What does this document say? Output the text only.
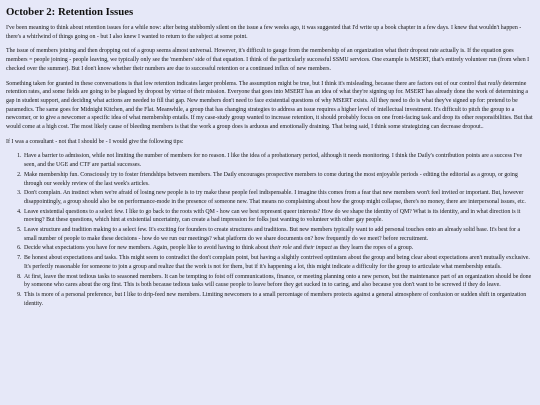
October 2: Retention Issues

I've been meaning to think about retention issues for a while now: after being stubbornly silent on the issue a few weeks ago, it was suggested that I'd write up a book chapter in a few days. I knew that wouldn't happen - there's a whirlwind of things going on - but I also knew I wanted to return to the subject at some point.

The issue of members joining and then dropping out of a group seems almost universal. However, it's difficult to gauge from the membership of an organization what their dropout rate actually is. If the equation goes members = people joining - people leaving, we typically only see the 'members' side of that equation. I think of the particularly successful SSMU services. One example is MSERT, that's entirely volunteer run (from when I checked over the summer). But I don't know whether their numbers are due to successful retention or a continued influx of new members.

Something taken for granted in these conversations is that low retention indicates larger problems. The assumption might be true, but I think it's misleading, because there are factors out of our control that really determine retention rates, and some fields are going to be plagued by dropout by virtue of their mission. Everyone that goes into MSERT has an idea of what they're signing up for. MSERT has already done the work of determining a gap in student support, and deciding what actions are needed to fill that gap. New members don't need to face existential questions of why MSERT exists. All they need to do is what they've signed up for: pretend to be paramedics. The same goes for Midnight Kitchen, and the Flat. Meanwhile, a group that has changing strategies to address an issue requires a higher level of intellectual investment. It's difficult to pitch the group to a newcomer, or to give a newcomer a specific idea of what membership entails. If my case-study group wanted to increase retention, it should probably focus on one front-facing task and drop its other responsibilities. But that would come at a high cost. The most likely cause of bleeding members is that the work a group does is arduous and emotionally draining. That being said, I think some strategizing can decrease dropout..

If I was a consultant - not that I should be - I would give the following tips:

1. Have a barrier to admission, while not limiting the number of members for no reason. I like the idea of a probationary period, although it needs monitoring. I think the Daily's contribution points are a success I've seen, and the UGE and CTF are partial successes.
2. Make membership fun. Consciously try to foster friendships between members. The Daily encourages prospective members to come during the most enjoyable periods - editing the editorial as a group, or going through our weekly review of the last week's articles.
3. Don't complain. An instinct when we're afraid of losing new people is to try make these people feel indispensable. I imagine this comes from a fear that new members won't feel invited or important. But, however disappointingly, a group should also be on performance-mode in the presence of someone new. That means no complaining about how the group might collapse, there's no money, there are interpersonal issues, etc.
4. Leave existential questions to a select few. I like to go back to the roots with QM - how can we best represent queer interests? How do we shape the identity of QM? What is its identity, and in what direction is it moving? But these questions, which hint at existential uncertainty, can create a bad impression for folks just wanting to volunteer with other gay people.
5. Leave structure and tradition making to a select few. It's exciting for founders to create structures and traditions. But new members typically want to add personal touches onto an already solid base. It's best for a small number of people to make these decisions - how do we run our meetings? what platform do we share documents on? how frequently do we meet? before recruitment.
6. Decide what expectations you have for new members. Again, people like to avoid having to think about their role and their impact as they learn the ropes of a group.
7. Be honest about expectations and tasks. This might seem to contradict the don't complain point, but having a slightly contrived optimism about the group and being clear about expectations aren't mutually exclusive. It's perfectly reasonable for someone to join a group and realize that the work is not for them, but if it's happening a lot, this might indicate a difficulty for the group to articulate what membership entails.
8. At first, leave the most tedious tasks to seasoned members. It can be tempting to foist off communications, finance, or meeting planning onto a new person, but the maintenance part of an organization should be done by someone who cares about the org first. This is both because tedious tasks will cause people to leave before they get sucked in to caring, and also because you don't want to be screwed if they do leave.
9. This is more of a personal preference, but I like to drip-feed new members. Limiting newcomers to a small percentage of members protects against a general atmosphere of confusion or sudden shift in organization identity.
